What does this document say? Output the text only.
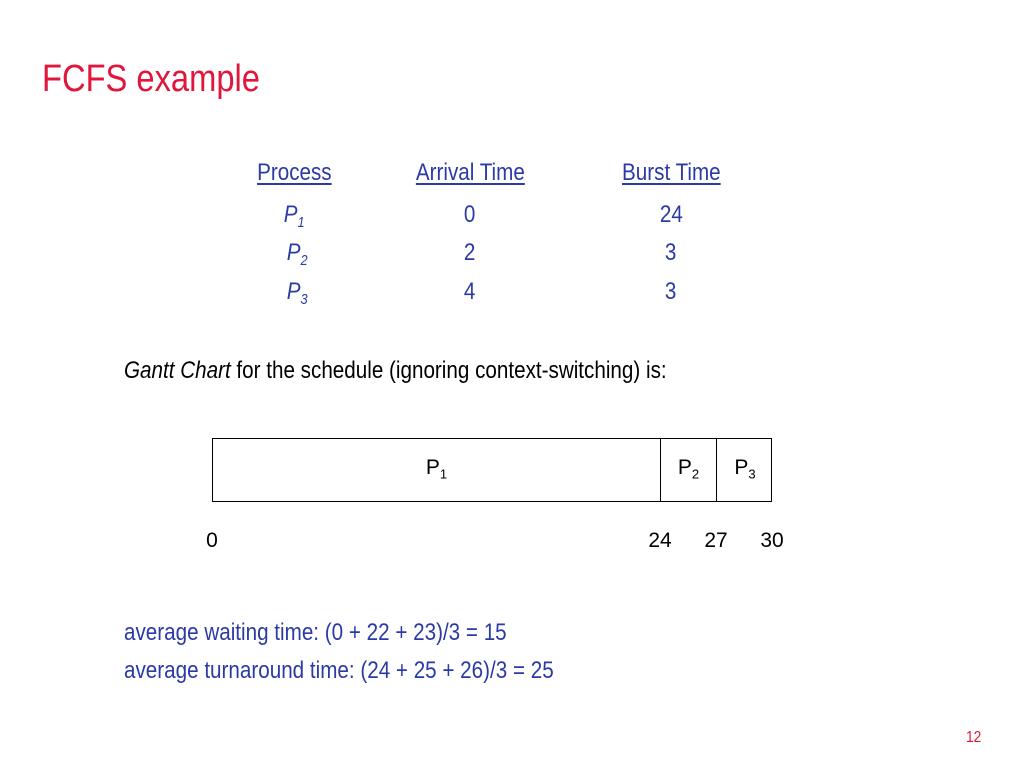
FCFS example
Process	Arrival Time	Burst Time
$P_1$	0	24
$P_2$	2	3
$P_3$	4	3
Gantt Chart for the schedule (ignoring context-switching) is:
$P_1$	$P_2$	$P_3$
0	24	27	30
average waiting time: (0 + 22 + 23)/3 = 15
average turnaround time: (24 + 25 + 26)/3 = 25
12
